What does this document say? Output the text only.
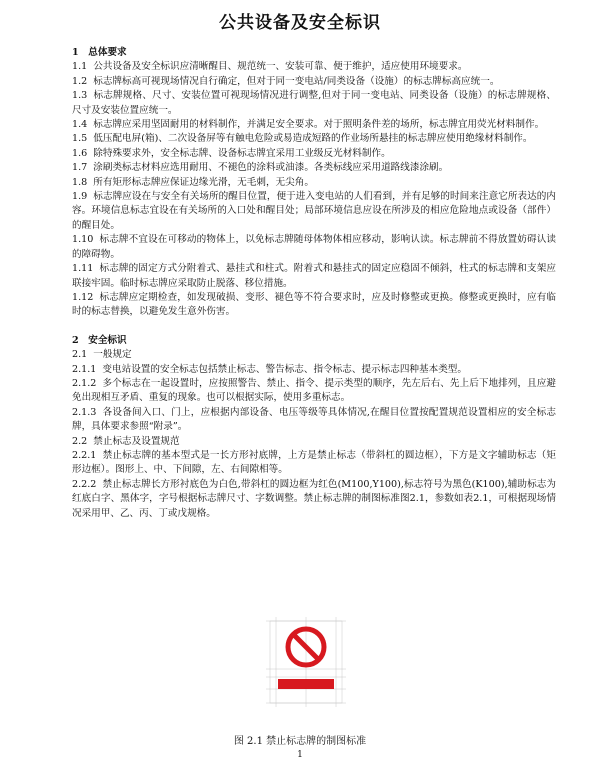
公共设备及安全标识
1　总体要求

1.1 公共设备及安全标识应清晰醒目、规范统一、安装可靠、便于维护，适应使用环境要求。

1.2 标志牌标高可视现场情况自行确定，但对于同一变电站/同类设备（设施）的标志牌标高应统一。

1.3 标志牌规格、尺寸、安装位置可视现场情况进行调整,但对于同一变电站、同类设备（设施）的标志牌规格、尺寸及安装位置应统一。

1.4 标志牌应采用坚固耐用的材料制作，并满足安全要求。对于照明条件差的场所，标志牌宜用荧光材料制作。

1.5 低压配电屏(箱)、二次设备屏等有触电危险或易造成短路的作业场所悬挂的标志牌应使用绝缘材料制作。

1.6 除特殊要求外，安全标志牌、设备标志牌宜采用工业级反光材料制作。

1.7 涂刷类标志材料应选用耐用、不褪色的涂料或油漆。各类标线应采用道路线漆涂刷。

1.8 所有矩形标志牌应保证边缘光滑，无毛刺，无尖角。

1.9 标志牌应设在与安全有关场所的醒目位置，便于进入变电站的人们看到，并有足够的时间来注意它所表达的内容。环境信息标志宜设在有关场所的入口处和醒目处；局部环境信息应设在所涉及的相应危险地点或设备（部件）的醒目处。

1.10 标志牌不宜设在可移动的物体上，以免标志牌随母体物体相应移动，影响认读。标志牌前不得放置妨碍认读的障碍物。

1.11 标志牌的固定方式分附着式、悬挂式和柱式。附着式和悬挂式的固定应稳固不倾斜，柱式的标志牌和支架应联接牢固。临时标志牌应采取防止脱落、移位措施。

1.12 标志牌应定期检查，如发现破损、变形、褪色等不符合要求时，应及时修整或更换。修整或更换时，应有临时的标志替换，以避免发生意外伤害。

2　安全标识

2.1 一般规定

2.1.1 变电站设置的安全标志包括禁止标志、警告标志、指令标志、提示标志四种基本类型。

2.1.2 多个标志在一起设置时，应按照警告、禁止、指令、提示类型的顺序，先左后右、先上后下地排列，且应避免出现相互矛盾、重复的现象。也可以根据实际，使用多重标志。

2.1.3 各设备间入口、门上，应根据内部设备、电压等级等具体情况,在醒目位置按配置规范设置相应的安全标志牌，具体要求参照“附录”。

2.2 禁止标志及设置规范

2.2.1 禁止标志牌的基本型式是一长方形衬底牌，上方是禁止标志（带斜杠的圆边框），下方是文字辅助标志（矩形边框）。图形上、中、下间隙，左、右间隙相等。

2.2.2 禁止标志牌长方形衬底色为白色,带斜杠的圆边框为红色(M100,Y100),标志符号为黑色(K100),辅助标志为红底白字、黑体字，字号根据标志牌尺寸、字数调整。禁止标志牌的制图标准图2.1，参数如表2.1，可根据现场情况采用甲、乙、丙、丁或戊规格。

图 2.1 禁止标志牌的制图标准
1
